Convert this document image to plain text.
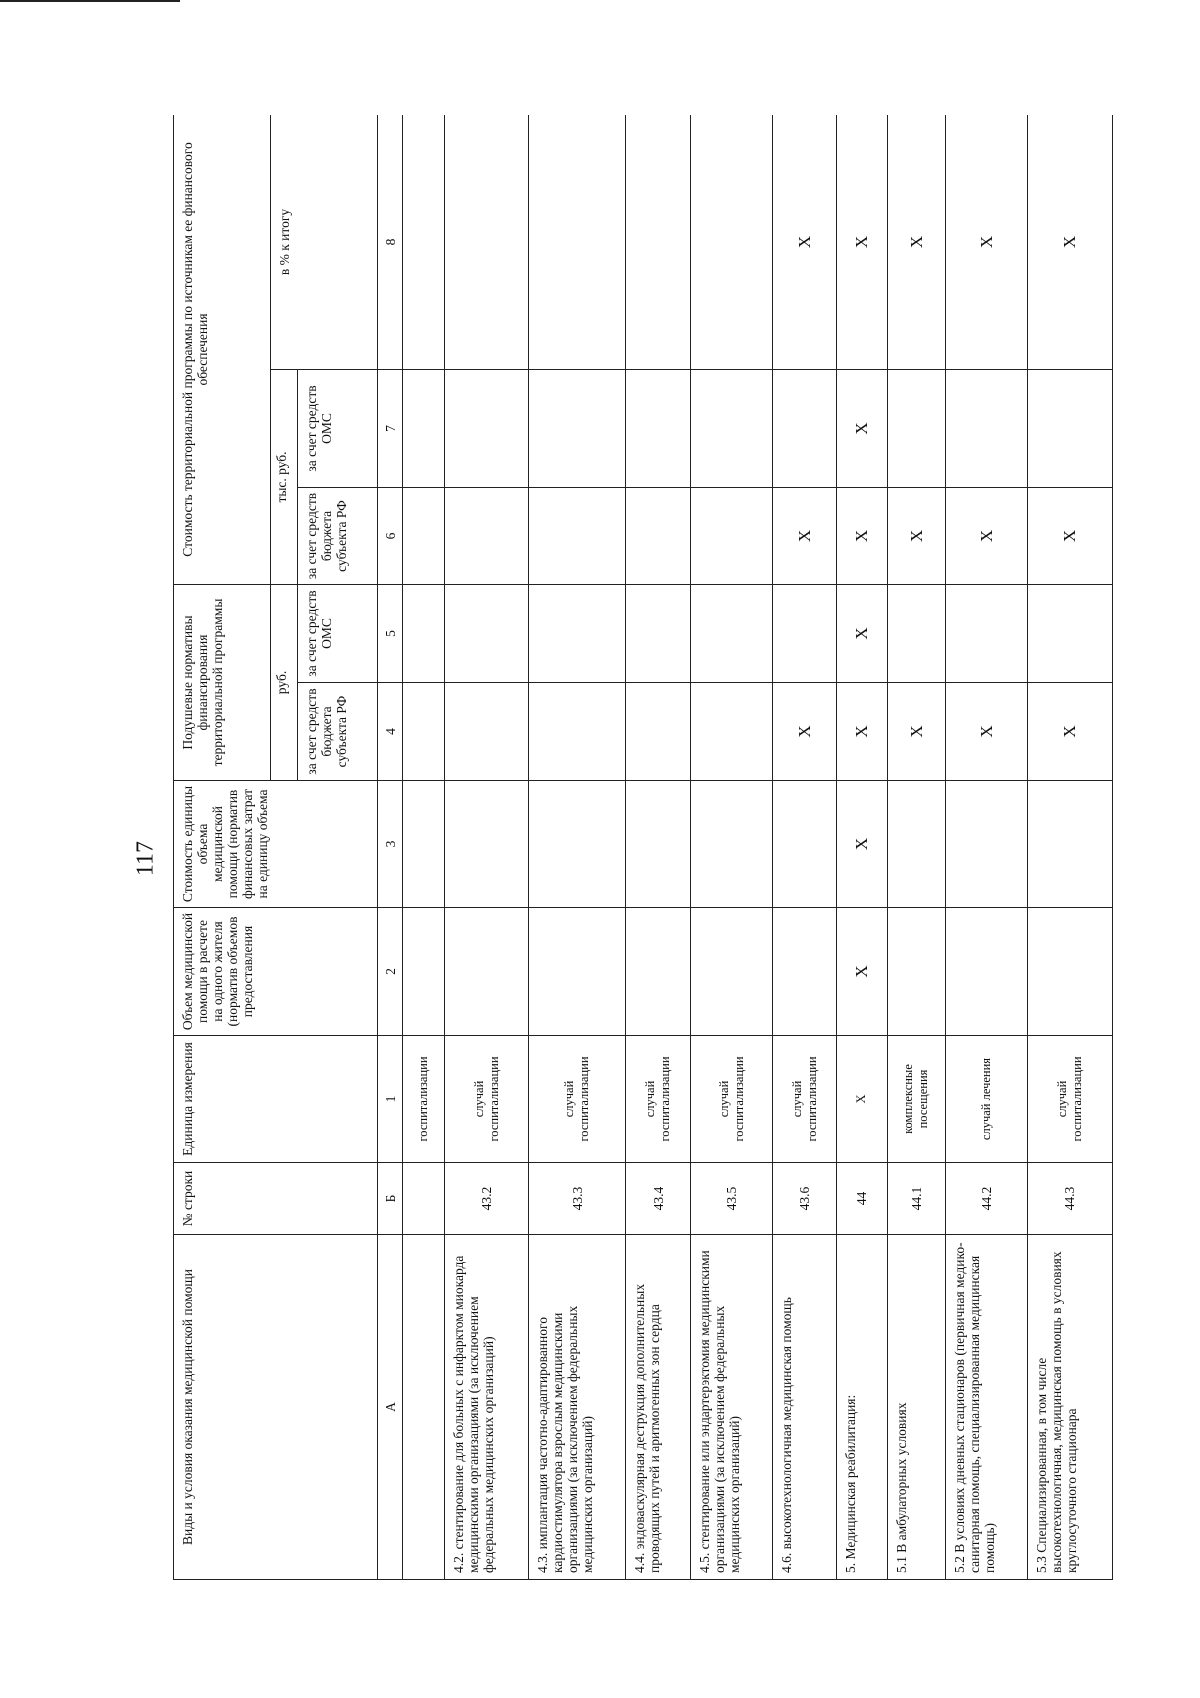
117
Виды и условия оказания медицинской помощи	№ строки	Единица измерения	Объем медицинской помощи в расчете на одного жителя (норматив объемов предоставления	Стоимость единицы объема медицинской помощи (норматив финансовых затрат на единицу объема	Подушевые нормативы финансирования территориальной программы		Стоимость территориальной программы по источникам ее финансового обеспечения		
					руб.		тыс. руб.		в % к итогу
					за счет средств бюджета субъекта РФ	за счет средств ОМС	за счет средств бюджета субъекта РФ	за счет средств ОМС	
А	Б	1	2	3	4	5	6	7	8
		госпитализации							
4.2. стентирование для больных с инфарктом миокарда медицинскими организациями (за исключением федеральных медицинских организаций)	43.2	случай госпитализации							
4.3. имплантация частотно-адаптированного кардиостимулятора взрослым медицинскими организациями (за исключением федеральных медицинских организаций)	43.3	случай госпитализации							
4.4. эндоваскулярная деструкция дополнительных проводящих путей и аритмогенных зон сердца	43.4	случай госпитализации							
4.5. стентирование или эндартерэктомия медицинскими организациями (за исключением федеральных медицинских организаций)	43.5	случай госпитализации							
4.6. высокотехнологичная медицинская помощь	43.6	случай госпитализации			Х		Х		Х
5. Медицинская реабилитация:	44	Х	Х	Х	Х	Х	Х	Х	Х
5.1 В амбулаторных условиях	44.1	комплексные посещения			Х		Х		Х
5.2 В условиях дневных стационаров (первичная медико-санитарная помощь, специализированная медицинская помощь)	44.2	случай лечения			Х		Х		Х
5.3 Специализированная, в том числе высокотехнологичная, медицинская помощь в условиях круглосуточного стационара	44.3	случай госпитализации			Х		Х		Х
